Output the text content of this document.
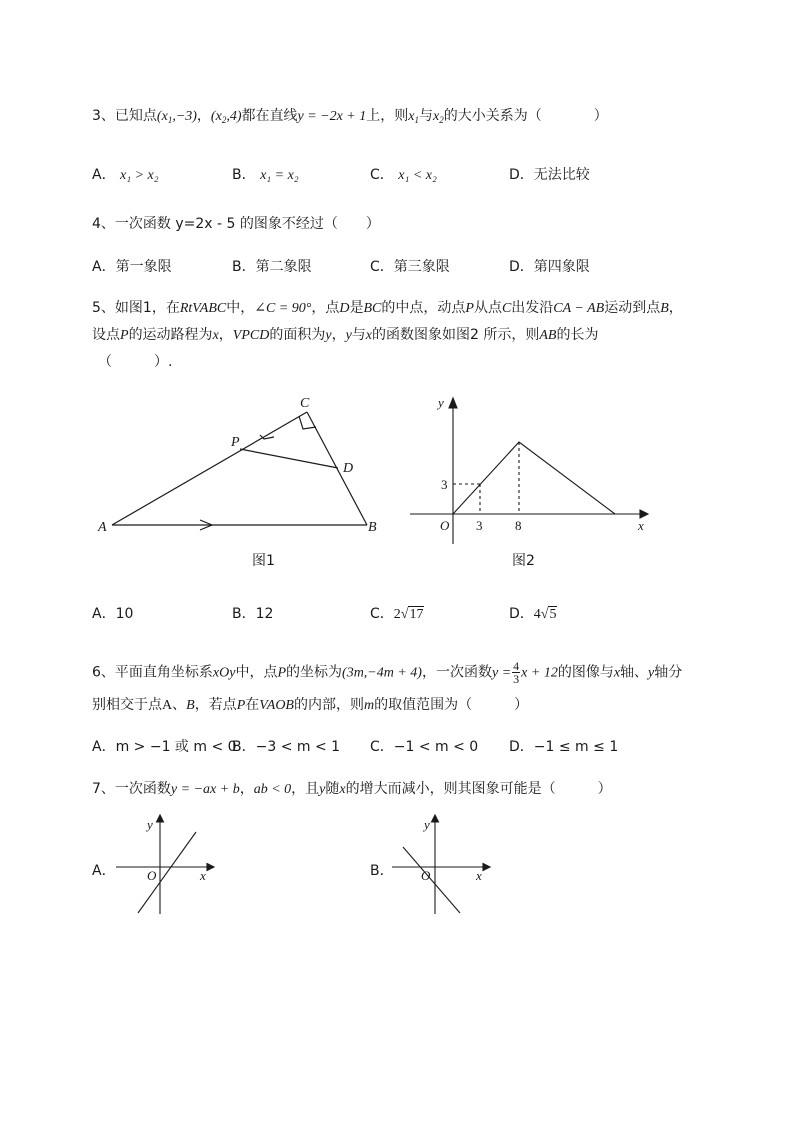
3、已知点$(x_1,-3)$，$(x_2,4)$都在直线y = −2x + 1上，则$x_1$与$x_2$的大小关系为（	）
A． x₁ > x₂	B． x₁ = x₂	C． x₁ < x₂	D．无法比较
4、一次函数 y=2x - 5 的图象不经过（　　）
A．第一象限	B．第二象限	C．第三象限	D．第四象限
5、如图1，在RtVABC中，∠C = 90°，点D是BC的中点，动点P从点C出发沿CA − AB运动到点B，
设点P的运动路程为x，VPCD的面积为y，y与x的函数图象如图2 所示，则AB的长为
（　　　）.
A	B
C
D
P
图1
y
x
O
3
3	8
图2
A．10	B．12	C．2√17	D．4√5
6、平面直角坐标系xOy中，点P的坐标为(3m,−4m + 4)，一次函数$y = \frac{4}{3}$ x + 12的图像与x轴、y轴分
别相交于点A、B，若点P在VAOB的内部，则m的取值范围为（　　　）
A．m > −1 或 m < 0
B．−3 < m < 1 C．−1 < m < 0 D．−1 ≤ m ≤ 1
7、一次函数y = −ax + b，ab < 0，且y随x的增大而减小，则其图象可能是（　　　）
A．
y
x
O	B．
y
x
O
